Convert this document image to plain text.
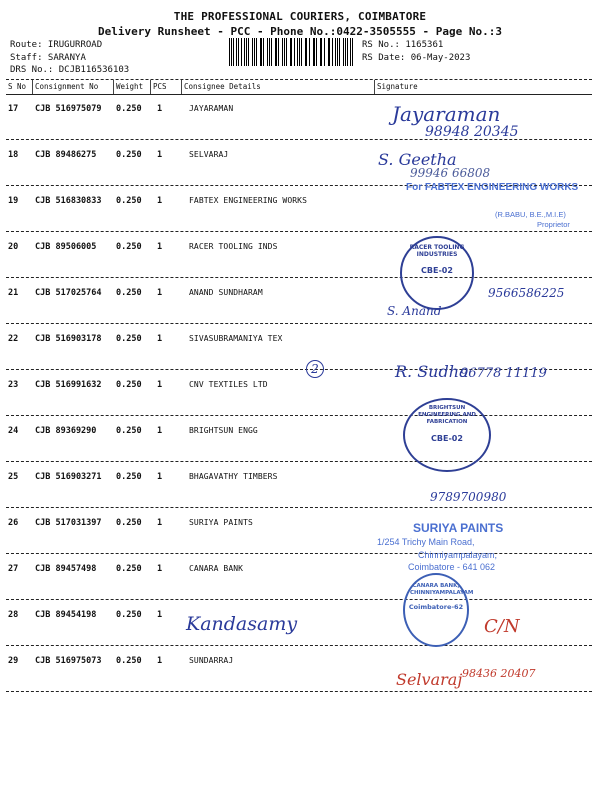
THE PROFESSIONAL COURIERS, COIMBATORE
Delivery Runsheet - PCC - Phone No.:0422-3505555 - Page No.:3
Route: IRUGURROAD
Staff: SARANYA
DRS No.: DCJB116536103
RS No.: 1165361
RS Date: 06-May-2023
S No Consignment No Weight PCS Consignee Details	Signature
17 CJB 516975079 0.250 1	JAYARAMAN
18 CJB 89486275 0.250 1	SELVARAJ
19 CJB 516830833 0.250 1	FABTEX ENGINEERING WORKS
20 CJB 89506005 0.250 1	RACER TOOLING INDS
21 CJB 517025764 0.250 1	ANAND SUNDHARAM
22 CJB 516903178 0.250 1	SIVASUBRAMANIYA TEX
23 CJB 516991632 0.250 1	CNV TEXTILES LTD
24 CJB 89369290 0.250 1	BRIGHTSUN ENGG
25 CJB 516903271 0.250 1	BHAGAVATHY TIMBERS
26 CJB 517031397 0.250 1	SURIYA PAINTS
27 CJB 89457498 0.250 1	CANARA BANK
28 CJB 89454198 0.250 1
29 CJB 516975073 0.250 1	SUNDARRAJ
Jayaraman
98948 20345
S. Geetha
99946 66808
For FABTEX ENGINEERING WORKS
(R.BABU, B.E.,M.I.E)
Proprietor
RACER TOOLING INDUSTRIES
CBE-02
9566586225
S. Anand
2	R. Sudha
96778 11119
BRIGHTSUN ENGINEERING AND FABRICATION
CBE-02
9789700980
SURIYA PAINTS
1/254 Trichy Main Road,
Chinniyampalayam,
Coimbatore - 641 062
CANARA BANK, CHINNIYAMPALAYAM
Coimbatore-62
Kandasamy	C/N
Selvaraj 98436 20407
